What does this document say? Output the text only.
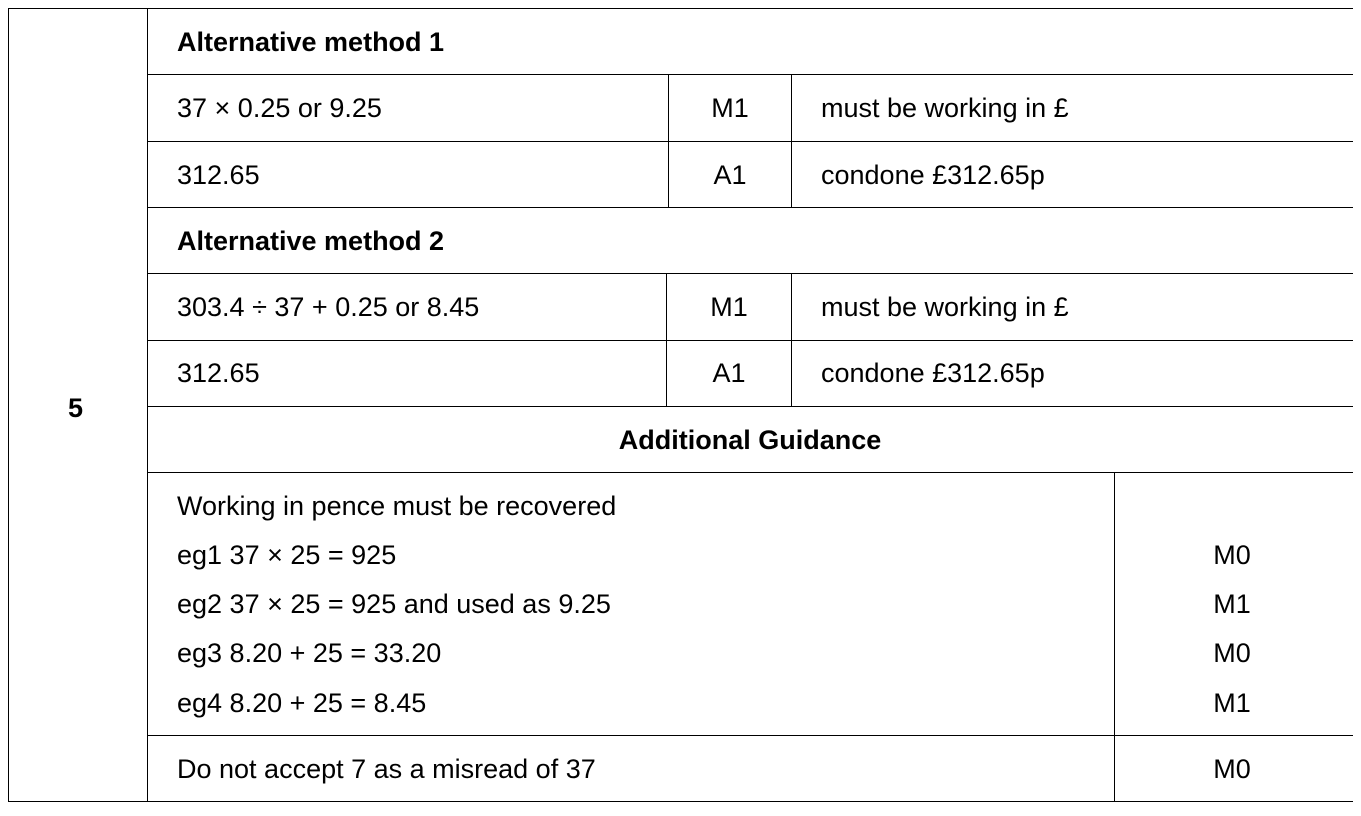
5
Alternative method 1
37 × 0.25 or 9.25	M1	must be working in £
312.65	A1	condone £312.65p
Alternative method 2
303.4 ÷ 37 + 0.25 or 8.45	M1	must be working in £
312.65	A1	condone £312.65p
Additional Guidance
Working in pence must be recovered
eg1 37 × 25 = 925	M0
eg2 37 × 25 = 925 and used as 9.25	M1
eg3 8.20 + 25 = 33.20	M0
eg4 8.20 + 25 = 8.45	M1
Do not accept 7 as a misread of 37	M0
